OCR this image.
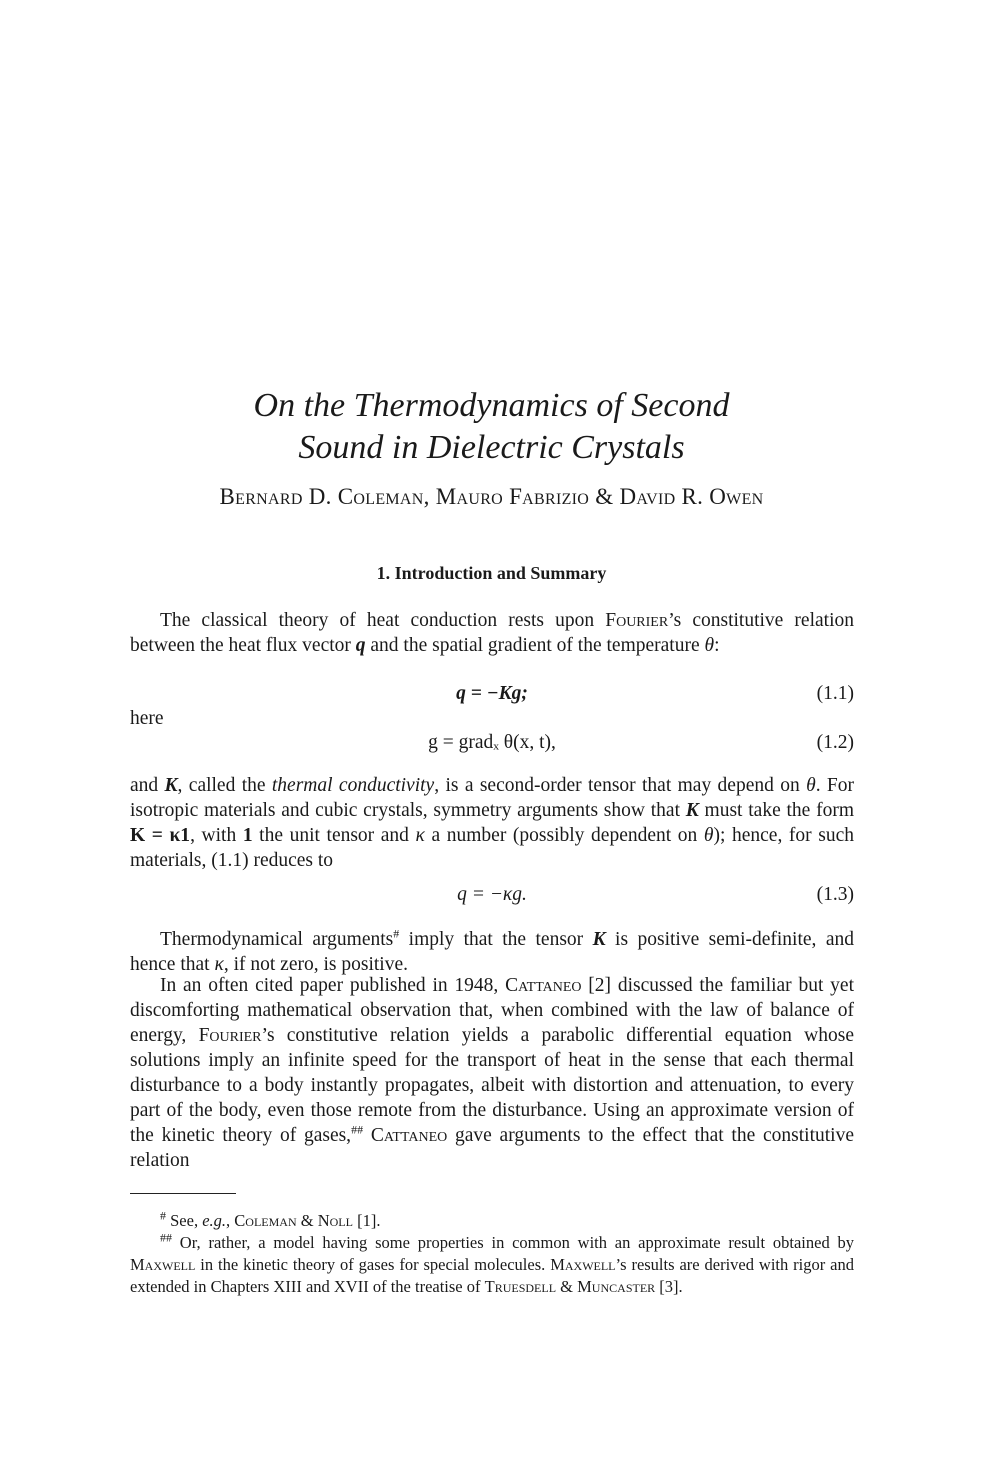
On the Thermodynamics of Second
Sound in Dielectric Crystals
Bernard D. Coleman, Mauro Fabrizio & David R. Owen
1. Introduction and Summary
The classical theory of heat conduction rests upon Fourier’s constitutive relation between the heat flux vector q and the spatial gradient of the temperature θ:
q = −Kg;	(1.1)
here
g = gradₓ θ(x, t),	(1.2)
and K, called the thermal conductivity, is a second-order tensor that may depend on θ. For isotropic materials and cubic crystals, symmetry arguments show that K must take the form K = κ1, with 1 the unit tensor and κ a number (possibly dependent on θ); hence, for such materials, (1.1) reduces to
q = −κg.	(1.3)
Thermodynamical arguments# imply that the tensor K is positive semi-definite, and hence that κ, if not zero, is positive.
In an often cited paper published in 1948, Cattaneo [2] discussed the familiar but yet discomforting mathematical observation that, when combined with the law of balance of energy, Fourier’s constitutive relation yields a parabolic differential equation whose solutions imply an infinite speed for the transport of heat in the sense that each thermal disturbance to a body instantly propagates, albeit with distortion and attenuation, to every part of the body, even those remote from the disturbance. Using an approximate version of the kinetic theory of gases,## Cattaneo gave arguments to the effect that the constitutive relation
# See, e.g., Coleman & Noll [1].
## Or, rather, a model having some properties in common with an approximate result obtained by Maxwell in the kinetic theory of gases for special molecules. Maxwell’s results are derived with rigor and extended in Chapters XIII and XVII of the treatise of Truesdell & Muncaster [3].
